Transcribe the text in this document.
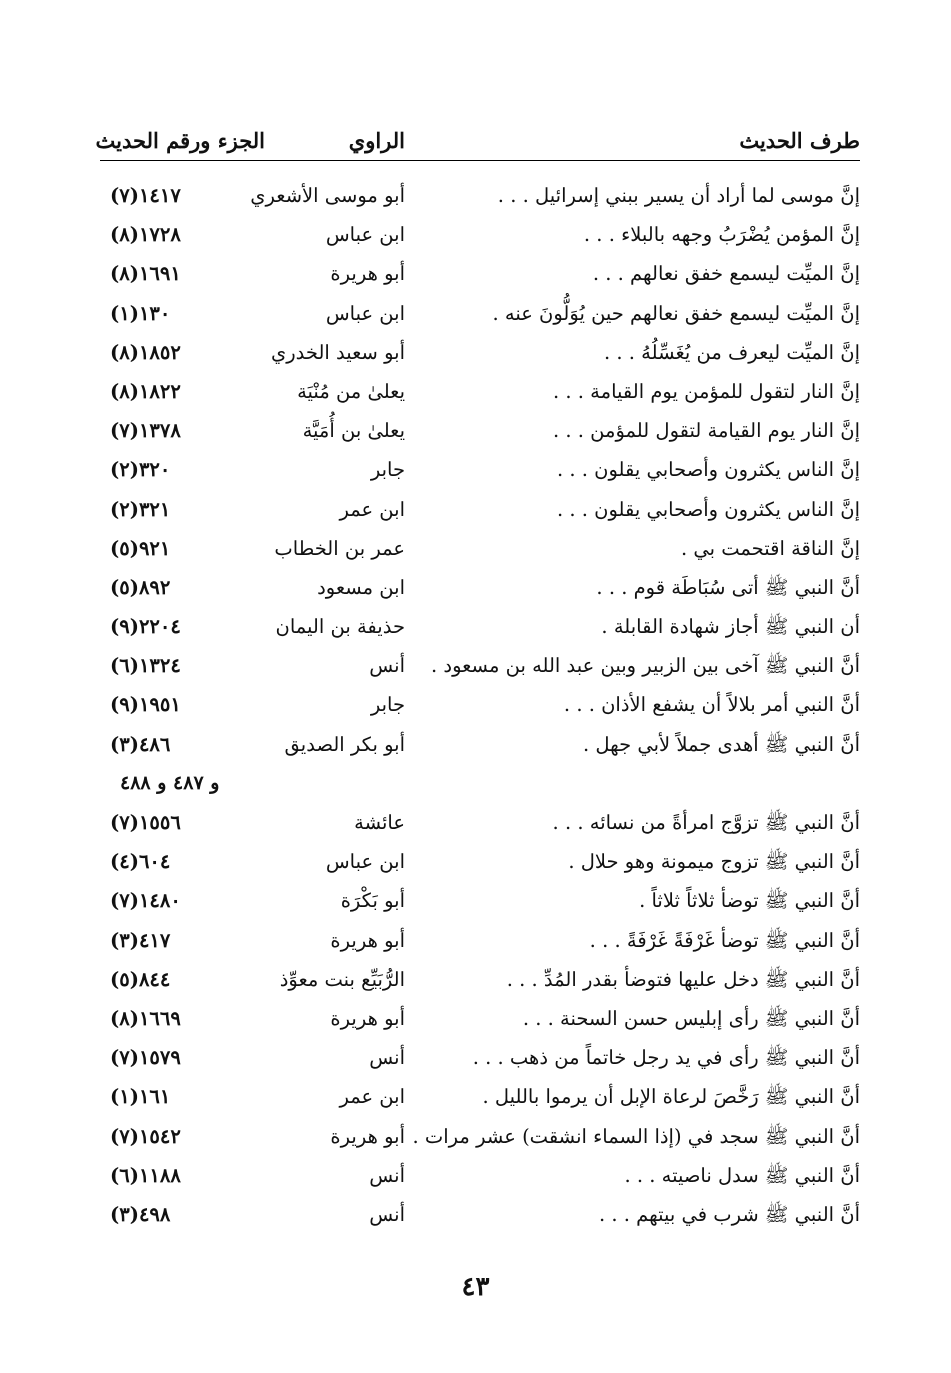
طرف الحديث
الراوي
الجزء ورقم الحديث
إنَّ موسى لما أراد أن يسير ببني إسرائيل . . .
أبو موسى الأشعري
١٤١٧(٧)
إنَّ المؤمن يُضْرَبُ وجهه بالبلاء . . .
ابن عباس
١٧٢٨(٨)
إنَّ الميِّت ليسمع خفق نعالهم . . .
أبو هريرة
١٦٩١(٨)
إنَّ الميِّت ليسمع خفق نعالهم حين يُوَلُّونَ عنه .
ابن عباس
١٣٠(١)
إنَّ الميِّت ليعرف من يُغَسِّلُهُ . . .
أبو سعيد الخدري
١٨٥٢(٨)
إنَّ النار لتقول للمؤمن يوم القيامة . . .
يعلىٰ من مُنْيَة
١٨٢٢(٨)
إنَّ النار يوم القيامة لتقول للمؤمن . . .
يعلىٰ بن أُمَيَّة
١٣٧٨(٧)
إنَّ الناس يكثرون وأصحابي يقلون . . .
جابر
٣٢٠(٢)
إنَّ الناس يكثرون وأصحابي يقلون . . .
ابن عمر
٣٢١(٢)
إنَّ الناقة اقتحمت بي .
عمر بن الخطاب
٩٢١(٥)
أنَّ النبي ﷺ أتى سُبَاطَة قوم . . .
ابن مسعود
٨٩٢(٥)
أن النبي ﷺ أجاز شهادة القابلة .
حذيفة بن اليمان
٢٢٠٤(٩)
أنَّ النبي ﷺ آخى بين الزبير وبين عبد الله بن مسعود .
أنس
١٣٢٤(٦)
أنَّ النبي أمر بلالاً أن يشفع الأذان . . .
جابر
١٩٥١(٩)
أنَّ النبي ﷺ أهدى جملاً لأبي جهل .
أبو بكر الصديق
٤٨٦(٣)
و ٤٨٧ و ٤٨٨
أنَّ النبي ﷺ تزوَّج امرأةً من نسائه . . .
عائشة
١٥٥٦(٧)
أنَّ النبي ﷺ تزوج ميمونة وهو حلال .
ابن عباس
٦٠٤(٤)
أنَّ النبي ﷺ توضأ ثلاثاً ثلاثاً .
أبو بَكْرَة
١٤٨٠(٧)
أنَّ النبي ﷺ توضأ غَرْفَةً غَرْفَةً . . .
أبو هريرة
٤١٧(٣)
أنَّ النبي ﷺ دخل عليها فتوضأ بقدر المُدِّ . . .
الرُّبَيِّع بنت معوِّذ
٨٤٤(٥)
أنَّ النبي ﷺ رأى إبليس حسن السحنة . . .
أبو هريرة
١٦٦٩(٨)
أنَّ النبي ﷺ رأى في يد رجل خاتماً من ذهب . . .
أنس
١٥٧٩(٧)
أنَّ النبي ﷺ رَخَّصَ لرعاة الإبل أن يرموا بالليل .
ابن عمر
١٦١(١)
أنَّ النبي ﷺ سجد في (إذا السماء انشقت) عشر مرات .
أبو هريرة
١٥٤٢(٧)
أنَّ النبي ﷺ سدل ناصيته . . .
أنس
١١٨٨(٦)
أنَّ النبي ﷺ شرب في بيتهم . . .
أنس
٤٩٨(٣)
٤٣
